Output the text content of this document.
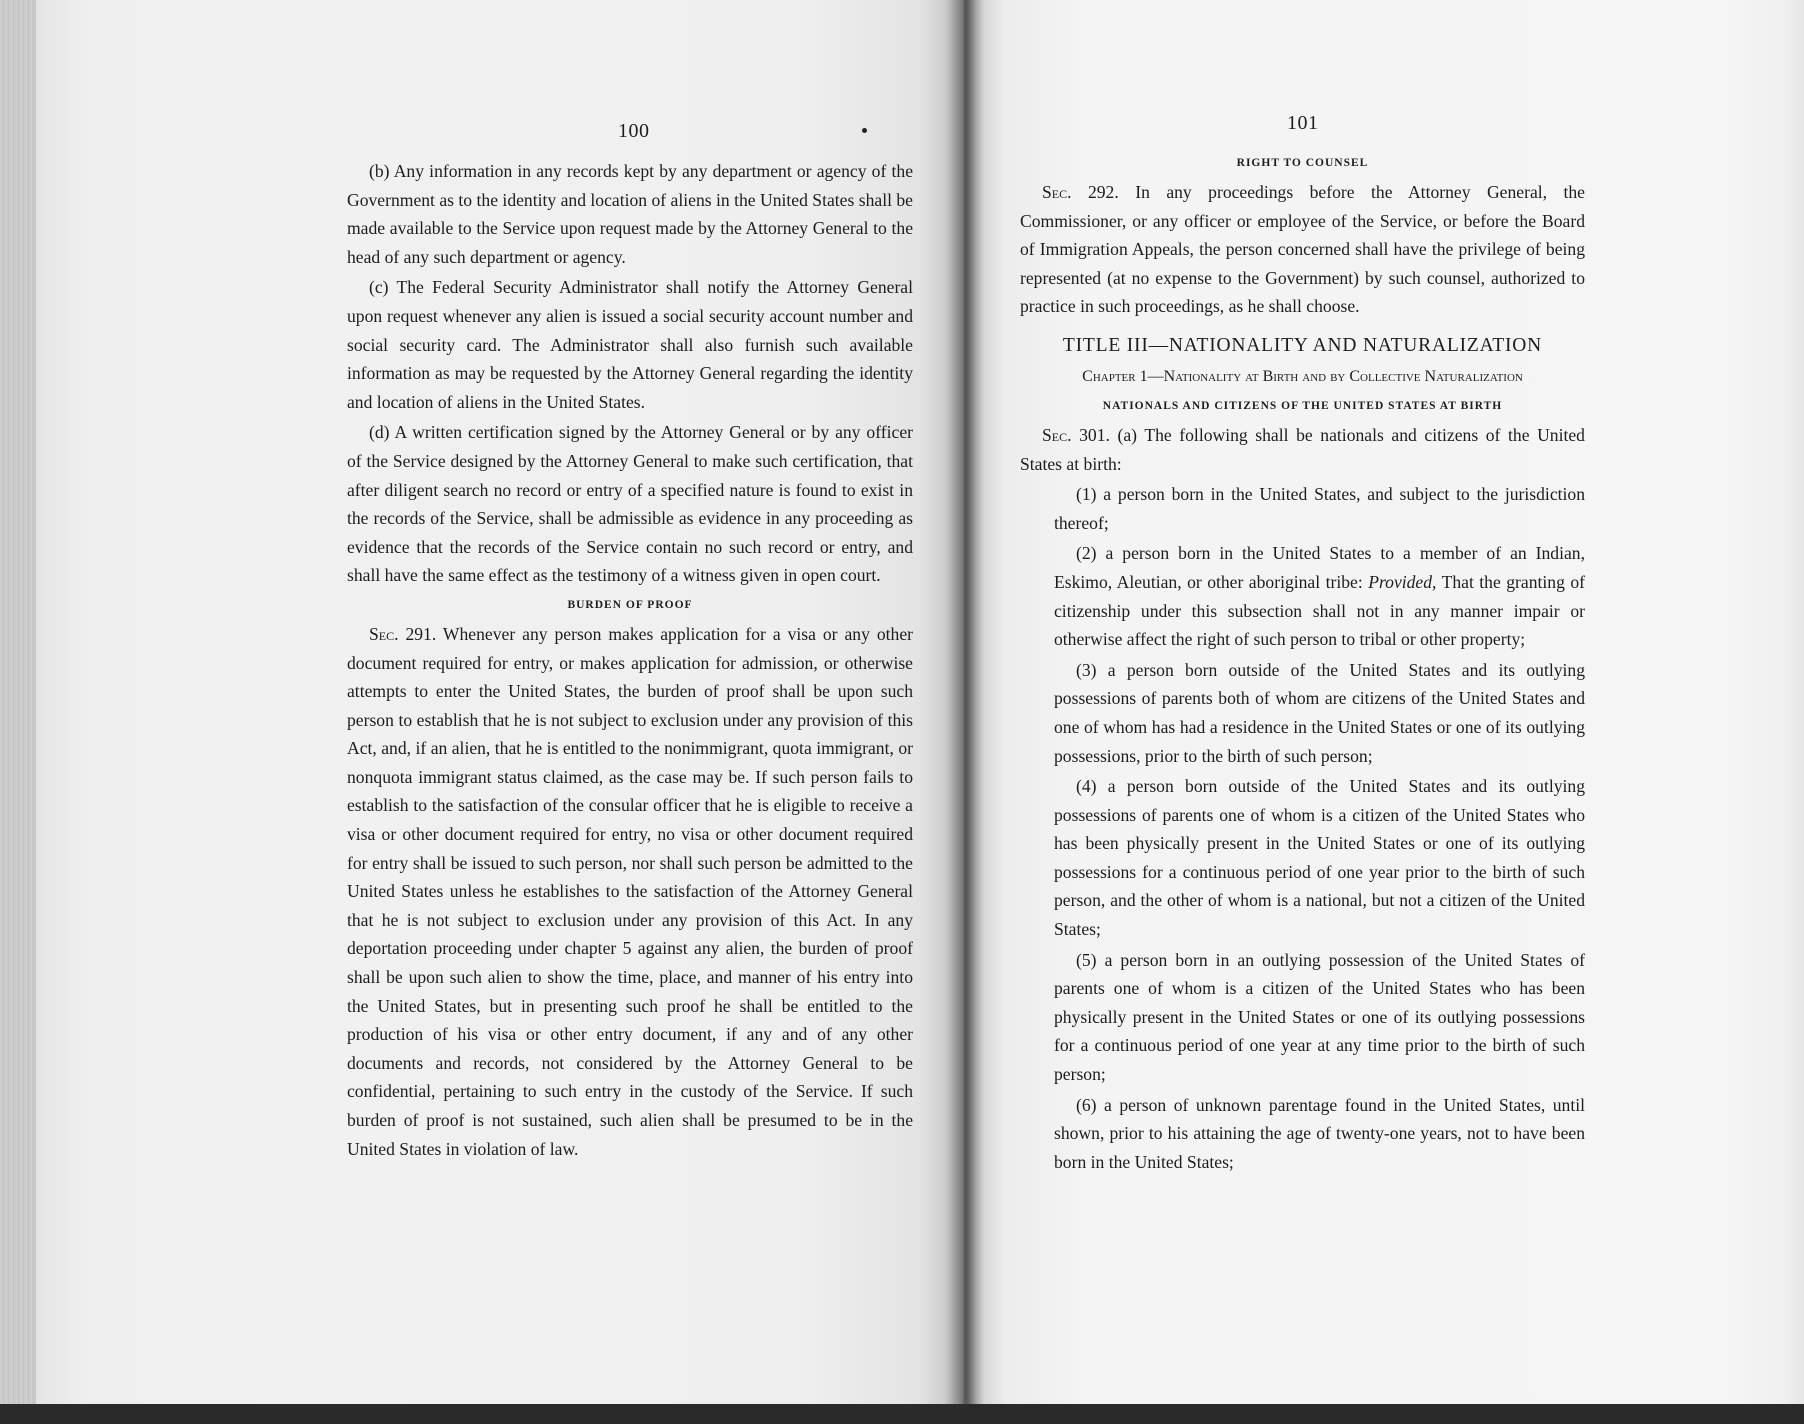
100

(b) Any information in any records kept by any department or agency of the Government as to the identity and location of aliens in the United States shall be made available to the Service upon request made by the Attorney General to the head of any such department or agency.

(c) The Federal Security Administrator shall notify the Attorney General upon request whenever any alien is issued a social security account number and social security card. The Administrator shall also furnish such available information as may be requested by the Attorney General regarding the identity and location of aliens in the United States.

(d) A written certification signed by the Attorney General or by any officer of the Service designed by the Attorney General to make such certification, that after diligent search no record or entry of a specified nature is found to exist in the records of the Service, shall be admissible as evidence in any proceeding as evidence that the records of the Service contain no such record or entry, and shall have the same effect as the testimony of a witness given in open court.

BURDEN OF PROOF

Sec. 291. Whenever any person makes application for a visa or any other document required for entry, or makes application for admission, or otherwise attempts to enter the United States, the burden of proof shall be upon such person to establish that he is not subject to exclusion under any provision of this Act, and, if an alien, that he is entitled to the nonimmigrant, quota immigrant, or nonquota immigrant status claimed, as the case may be. If such person fails to establish to the satisfaction of the consular officer that he is eligible to receive a visa or other document required for entry, no visa or other document required for entry shall be issued to such person, nor shall such person be admitted to the United States unless he establishes to the satisfaction of the Attorney General that he is not subject to exclusion under any provision of this Act. In any deportation proceeding under chapter 5 against any alien, the burden of proof shall be upon such alien to show the time, place, and manner of his entry into the United States, but in presenting such proof he shall be entitled to the production of his visa or other entry document, if any and of any other documents and records, not considered by the Attorney General to be confidential, pertaining to such entry in the custody of the Service. If such burden of proof is not sustained, such alien shall be presumed to be in the United States in violation of law.

101
RIGHT TO COUNSEL

Sec. 292. In any proceedings before the Attorney General, the Commissioner, or any officer or employee of the Service, or before the Board of Immigration Appeals, the person concerned shall have the privilege of being represented (at no expense to the Government) by such counsel, authorized to practice in such proceedings, as he shall choose.

TITLE III—NATIONALITY AND NATURALIZATION
Chapter 1—Nationality at Birth and by Collective Naturalization
NATIONALS AND CITIZENS OF THE UNITED STATES AT BIRTH

Sec. 301. (a) The following shall be nationals and citizens of the United States at birth:

(1) a person born in the United States, and subject to the jurisdiction thereof;

(2) a person born in the United States to a member of an Indian, Eskimo, Aleutian, or other aboriginal tribe: Provided, That the granting of citizenship under this subsection shall not in any manner impair or otherwise affect the right of such person to tribal or other property;

(3) a person born outside of the United States and its outlying possessions of parents both of whom are citizens of the United States and one of whom has had a residence in the United States or one of its outlying possessions, prior to the birth of such person;

(4) a person born outside of the United States and its outlying possessions of parents one of whom is a citizen of the United States who has been physically present in the United States or one of its outlying possessions for a continuous period of one year prior to the birth of such person, and the other of whom is a national, but not a citizen of the United States;

(5) a person born in an outlying possession of the United States of parents one of whom is a citizen of the United States who has been physically present in the United States or one of its outlying possessions for a continuous period of one year at any time prior to the birth of such person;

(6) a person of unknown parentage found in the United States, until shown, prior to his attaining the age of twenty-one years, not to have been born in the United States;
